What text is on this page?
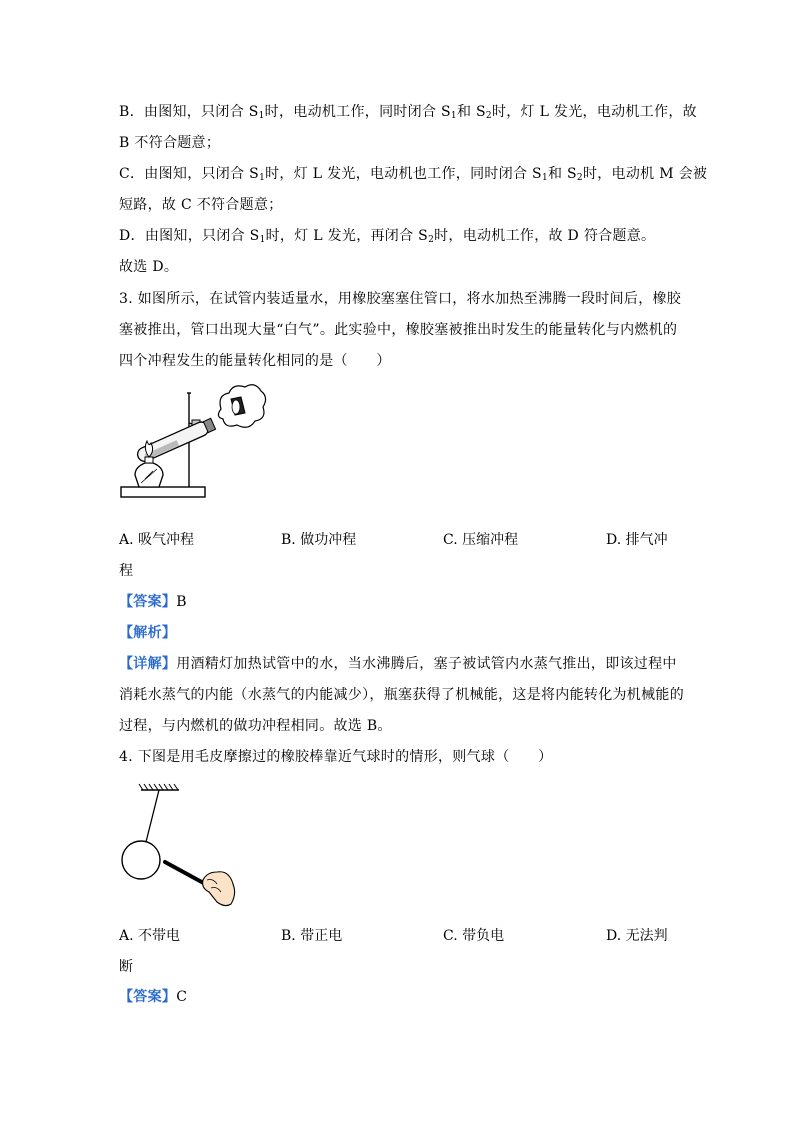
B．由图知，只闭合 $S_1$时，电动机工作，同时闭合 $S_1$和 $S_2$时，灯 L 发光，电动机工作，故
B 不符合题意；
C．由图知，只闭合 $S_1$时，灯 L 发光，电动机也工作，同时闭合 $S_1$和 $S_2$时，电动机 M 会被
短路，故 C 不符合题意；
D．由图知，只闭合 $S_1$时，灯 L 发光，再闭合 $S_2$时，电动机工作，故 D 符合题意。
故选 D。
3. 如图所示，在试管内装适量水，用橡胶塞塞住管口，将水加热至沸腾一段时间后，橡胶
塞被推出，管口出现大量“白气”。此实验中，橡胶塞被推出时发生的能量转化与内燃机的
四个冲程发生的能量转化相同的是（　　）
A. 吸气冲程	B. 做功冲程	C. 压缩冲程	D. 排气冲
程
【答案】B
【解析】
【详解】用酒精灯加热试管中的水，当水沸腾后，塞子被试管内水蒸气推出，即该过程中
消耗水蒸气的内能（水蒸气的内能减少），瓶塞获得了机械能，这是将内能转化为机械能的
过程，与内燃机的做功冲程相同。故选 B。
4. 下图是用毛皮摩擦过的橡胶棒靠近气球时的情形，则气球（　　）
A. 不带电	B. 带正电	C. 带负电	D. 无法判
断
【答案】C
